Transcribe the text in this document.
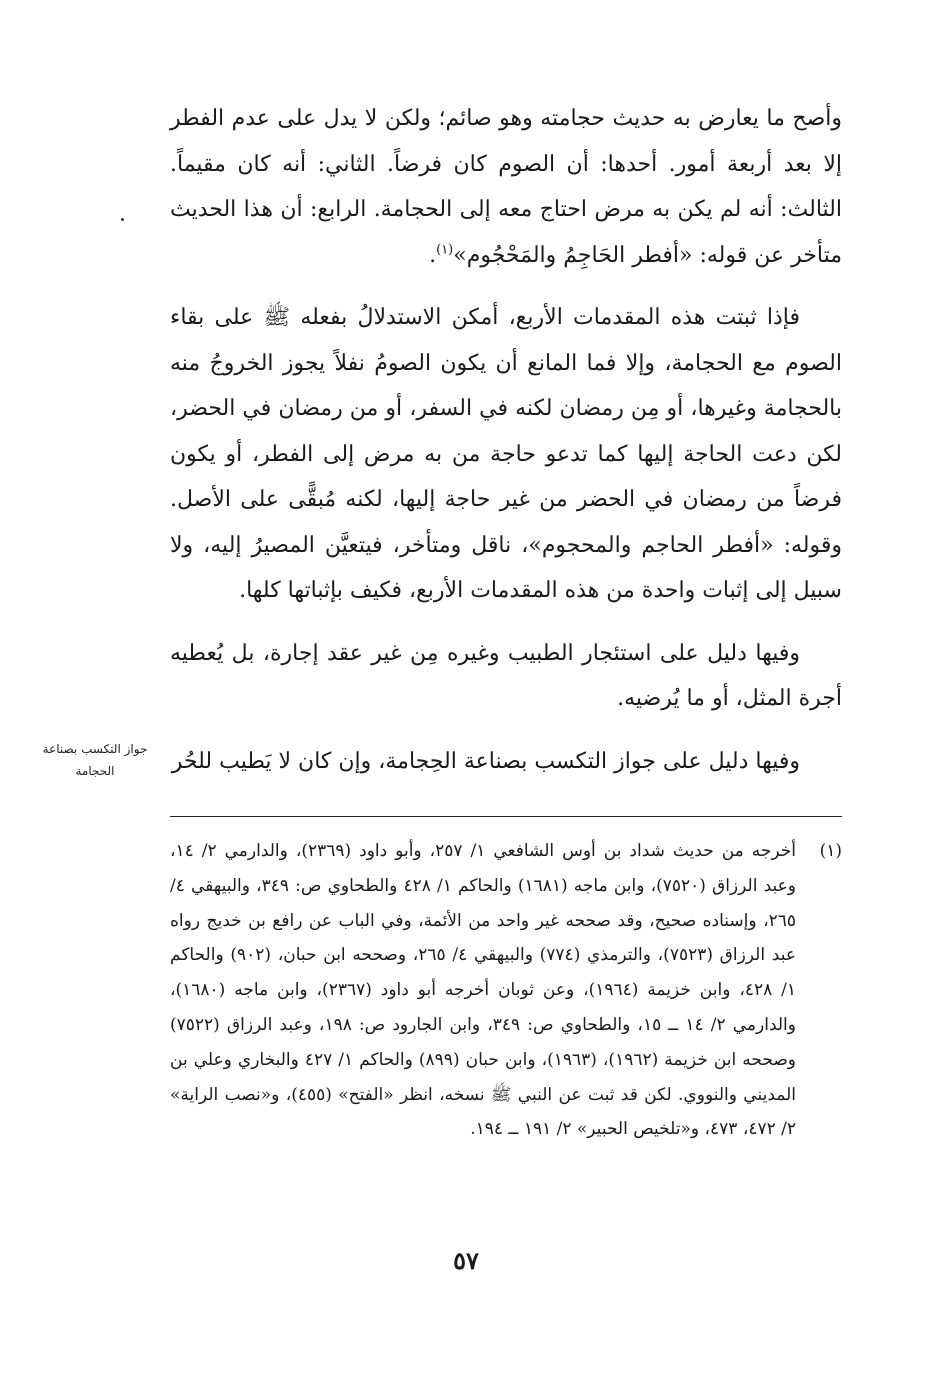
وأصح ما يعارض به حديث حجامته وهو صائم؛ ولكن لا يدل على عدم الفطر إلا بعد أربعة أمور. أحدها: أن الصوم كان فرضاً. الثاني: أنه كان مقيماً. الثالث: أنه لم يكن به مرض احتاج معه إلى الحجامة. الرابع: أن هذا الحديث متأخر عن قوله: «أفطر الحَاجِمُ والمَحْجُوم»$^{(١)}$.

فإذا ثبتت هذه المقدمات الأربع، أمكن الاستدلالُ بفعله ﷺ على بقاء الصوم مع الحجامة، وإلا فما المانع أن يكون الصومُ نفلاً يجوز الخروجُ منه بالحجامة وغيرها، أو مِن رمضان لكنه في السفر، أو من رمضان في الحضر، لكن دعت الحاجة إليها كما تدعو حاجة من به مرض إلى الفطر، أو يكون فرضاً من رمضان في الحضر من غير حاجة إليها، لكنه مُبقًّى على الأصل. وقوله: «أفطر الحاجم والمحجوم»، ناقل ومتأخر، فيتعيَّن المصيرُ إليه، ولا سبيل إلى إثبات واحدة من هذه المقدمات الأربع، فكيف بإثباتها كلها.

وفيها دليل على استئجار الطبيب وغيره مِن غير عقد إجارة، بل يُعطيه أجرة المثل، أو ما يُرضيه.

وفيها دليل على جواز التكسب بصناعة الحِجامة، وإن كان لا يَطيب للحُر

جواز التكسب بصناعة
الحجامة
(١)
أخرجه من حديث شداد بن أوس الشافعي ١/ ٢٥٧، وأبو داود (٢٣٦٩)، والدارمي ٢/ ١٤، وعبد الرزاق (٧٥٢٠)، وابن ماجه (١٦٨١) والحاكم ١/ ٤٢٨ والطحاوي ص: ٣٤٩، والبيهقي ٤/ ٢٦٥، وإسناده صحيح، وقد صححه غير واحد من الأئمة، وفي الباب عن رافع بن خديج رواه عبد الرزاق (٧٥٢٣)، والترمذي (٧٧٤) والبيهقي ٤/ ٢٦٥، وصححه ابن حبان، (٩٠٢) والحاكم ١/ ٤٢٨، وابن خزيمة (١٩٦٤)، وعن ثوبان أخرجه أبو داود (٢٣٦٧)، وابن ماجه (١٦٨٠)، والدارمي ٢/ ١٤ ــ ١٥، والطحاوي ص: ٣٤٩، وابن الجارود ص: ١٩٨، وعبد الرزاق (٧٥٢٢) وصححه ابن خزيمة (١٩٦٢)، (١٩٦٣)، وابن حبان (٨٩٩) والحاكم ١/ ٤٢٧ والبخاري وعلي بن المديني والنووي. لكن قد ثبت عن النبي ﷺ نسخه، انظر «الفتح» (٤٥٥)، و«نصب الراية» ٢/ ٤٧٢، ٤٧٣، و«تلخيص الحبير» ٢/ ١٩١ ــ ١٩٤.
٥٧
